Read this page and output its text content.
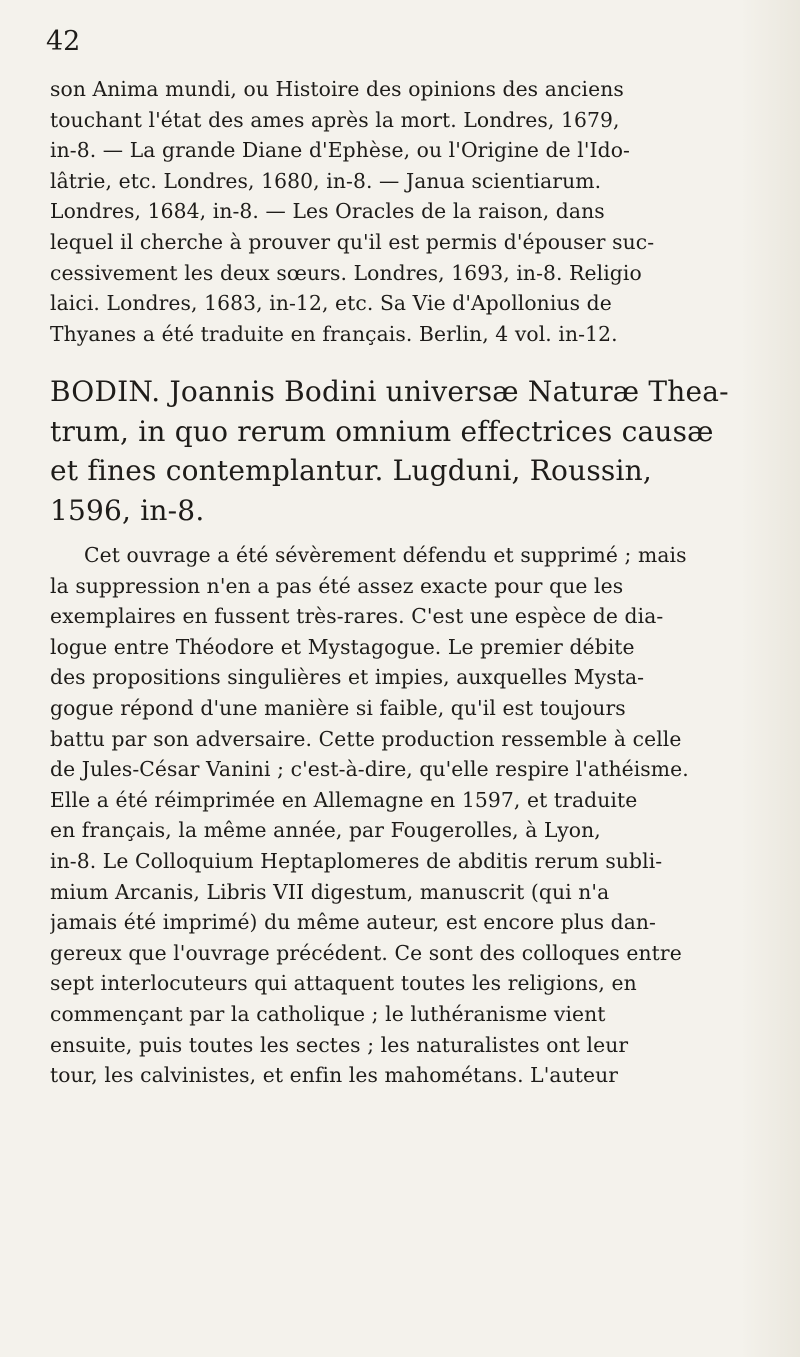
42
son Anima mundi, ou Histoire des opinions des anciens
touchant l'état des ames après la mort. Londres, 1679,
in-8. — La grande Diane d'Ephèse, ou l'Origine de l'Ido-
lâtrie, etc. Londres, 1680, in-8. — Janua scientiarum.
Londres, 1684, in-8. — Les Oracles de la raison, dans
lequel il cherche à prouver qu'il est permis d'épouser suc-
cessivement les deux sœurs. Londres, 1693, in-8. Religio
laici. Londres, 1683, in-12, etc. Sa Vie d'Apollonius de
Thyanes a été traduite en français. Berlin, 4 vol. in-12.
BODIN. Joannis Bodini universæ Naturæ Thea-
trum, in quo rerum omnium effectrices causæ
et fines contemplantur. Lugduni, Roussin,
1596, in-8.
Cet ouvrage a été sévèrement défendu et supprimé ; mais
la suppression n'en a pas été assez exacte pour que les
exemplaires en fussent très-rares. C'est une espèce de dia-
logue entre Théodore et Mystagogue. Le premier débite
des propositions singulières et impies, auxquelles Mysta-
gogue répond d'une manière si faible, qu'il est toujours
battu par son adversaire. Cette production ressemble à celle
de Jules-César Vanini ; c'est-à-dire, qu'elle respire l'athéisme.
Elle a été réimprimée en Allemagne en 1597, et traduite
en français, la même année, par Fougerolles, à Lyon,
in-8. Le Colloquium Heptaplomeres de abditis rerum subli-
mium Arcanis, Libris VII digestum, manuscrit (qui n'a
jamais été imprimé) du même auteur, est encore plus dan-
gereux que l'ouvrage précédent. Ce sont des colloques entre
sept interlocuteurs qui attaquent toutes les religions, en
commençant par la catholique ; le luthéranisme vient
ensuite, puis toutes les sectes ; les naturalistes ont leur
tour, les calvinistes, et enfin les mahométans. L'auteur
